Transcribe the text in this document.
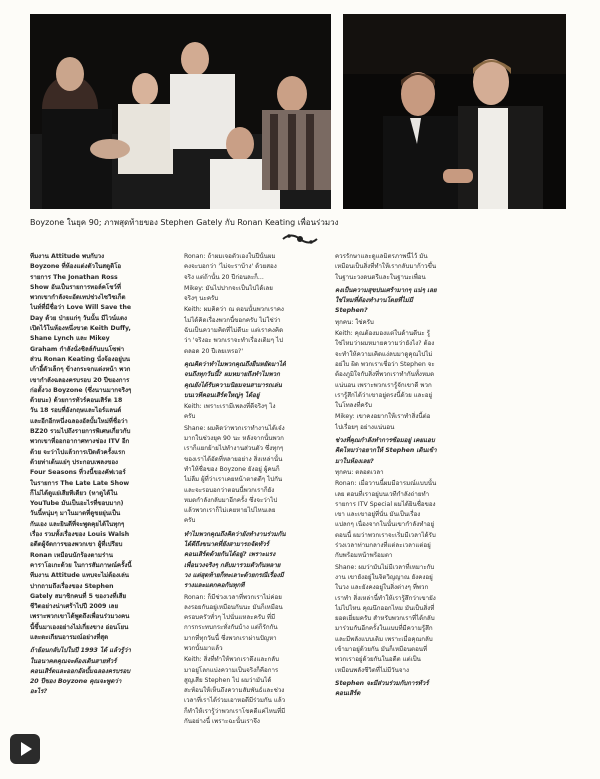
Boyzone ในยุค 90; ภาพสุดท้ายของ Stephen Gately กับ Ronan Keating เพื่อนร่วมวง

ทีมงาน Attitude พบกับวง Boyzone ที่ห้องแต่งตัวในสตูดิโอรายการ The Jonathan Ross Show อันเป็นรายการทอล์คโชว์ที่พวกเขากำลังจะอัดเทปช่วงไซวิชเก็ตไนท์ที่มีชื่อว่า Love Will Save the Day ด้วย ป่ายแก่ๆ วันนั้น มีไวน์แดงเปิดไว้ในห้องหนึ่งขวด Keith Duffy, Shane Lynch และ Mikey Graham กำลังนั่งชิลล์กันบนโซฟา ส่วน Ronan Keating นั่งจ้องอยู่บนเก้าอี้ตัวเล็กๆ ข้างกระจกแต่งหน้า พวกเขากำลังฉลองครบรอบ 20 ปีของการก่อตั้งวง Boyzone (ซึ่งนานมากจริงๆ ด้วยนะ) ด้วยการทัวร์คอนเสิร์ต 18 วัน 18 รอบที่อังกฤษและไอร์แลนด์ และอีกอีกหนึ่งฉลองอัลบั้มใหม่ที่ชื่อว่า BZ20 รวมไปถึงรายการพิเศษเกี่ยวกับพวกเขาที่ออกอากาศทางช่อง ITV อีกด้วย จะว่าไปแล้วการเปิดตัวครั้งแรกด้วยท่าเต้นแย่ๆ ประกอบเพลงของ Four Seasons ที่วงนี้ของคัฟเวอร์ในรายการ The Late Late Show ก็ไม่ได้ดูแย่เสียทีเดียว (หาดูได้ใน YouTube มันเป็นอะไรที่ขอบมาก) วันนี้หนุ่มๆ มาในมาดที่ดูขยยุ่นเป็นกันเอง และยินดีที่จะพูดคุยได้ในทุกๆ เรื่อง รวมทั้งเรื่องของ Louis Walsh อดีตผู้จัดการของพวกเขา ผู้ที่เปรียบ Ronan เหมือนนักร้องตามร่านคาราโอเกะด้วย ในการสัมภาษณ์ครั้งนี้ทีมงาน Attitude แทบจะไม่ต้องเล่นปากถามถึงเรื่องของ Stephen Gately สมาชิกคนที่ 5 ของวงที่เสียชีวิตอย่างน่าเศร้าไปปี 2009 เลย เพราะพวกเขาได้พูดถึงเพื่อนร่วมวงคนนี้ขึ้นมาเองอย่างไม่เกี่ยงขาง อ่อนโยน และตะเกียนอารมณ์อย่างที่สุด

ถ้าย้อนกลับไปในปี 1993 ได้ แล้วรู้ว่าในอนาคตคุณจะต้องเดินสายทัวร์คอนเสิร์ตและออกอัลบั้มฉลองครบรอบ 20 ปีของ Boyzone คุณจะพูดว่าอะไร?

Ronan: ถ้าผมเจอตัวเองในปีนั้นผมคงจะบอกว่า 'ไม่จะราบ้าง' ด้วยสองจริง แต่ถ้านั้น 20 ปีก่อนละก็...

Mikey: มันไปปากจะเป็นไปได้เลย จริงๆ นะครับ

Keith: ผมคิดว่า ณ ตอนนั้นพวกเราคงไม่ได้คิดเรื่องพวกนี้ขอกครับ ไม่ใช่ว่าฉันเป็นความคิดที่ไม่ดีนะ แต่เราคงคิดว่า 'จริงอะ พวกเราจะทำเรื่องเดิมๆ ไปตลอด 20 ปีเลยเหรอ?'

คุณคิดว่าทำไมพวกคุณถึงยืนหยัดมาได้จนถึงทุกวันนี้? ผมหมายถึงทำไมพวกคุณยังได้รับความนิยมจนสามารถเล่นบนเวทีคอนเสิร์ตใหญ่ๆ ได้อยู่

Keith: เพราะเรามีเพลงที่ดีจริงๆ ไงครับ

Shane: ผมคิดว่าพวกเราทำงานได้เจ๋งมากในช่วงยุค 90 นะ หลังจากนั้นพวกเราก็แยกย้ายไปทำงานส่วนตัว ซึ่งทุกๆ ของเราได้อัดที่หลายอย่าง สิ่งเหล่านั้นทำให้ชื่อของ Boyzone ยังอยู่ ผู้คนก็ไม่ลืม ผู้ที่ว่าเราเคยหน้าตาดดีๆ ไปกัน และจะรอบอกว่าตอนนี้พวกเราก็ยังหมดกำลังกลับมาอีกครั้ง ซึ่งจะว่าไปแล้วพวกเราก็ไม่เคยหายไปไหนเลยครับ

ทำไมพวกคุณถึงคิดว่ายังทำงานร่วมกันได้ดีถึงขนาดที่ยังสามารถจัดทัวร์คอนเสิร์ตด้วยกันได้อยู่? เพราะแรงเพื่อนวงจริงๆ กลับมารวมตัวกันหลายวง แต่สุดท้ายก็ทะเลาะด้วยกรณีเรื่องมีรางและแตกคอกันทุกที

Ronan: ก็มีช่วงเวลาที่พวกเราไม่ค่อยลงรอยกันอยู่เหมือนกันนะ มันก็เหมือนครอบครัวทั่วๆ ไปนั่นแหละครับ ที่มีการกระทบกระทั่งกันบ้าง แต่ก็รักกันมากที่ทุกวันนี้ ซึ่งพวกเราผ่านปัญหาพวกนั้นมาแล้ว

Keith: สิ่งที่ทำให้พวกเราดึงและกลับมาอยู่โลกแบ่งความเป็นจริงก็คือการสูญเสีย Stephen ไป ผมว่ามันได้สะท้อนให้เห็นถึงความสัมพันธ์และช่วงเวลาที่เราได้ร่วมเอาหอดีมีร่วมกัน แล้วก็ทำให้เรารู้ว่าพวกเราโชคดีแค่ไหนที่มีกันอย่างนี้ เพราะฉะนั้นเราจึง

ควรรักษาและดูแลมิตรภาพนี้ไว้ มันเหมือนเป็นสิ่งที่ทำให้เรากลับมาก้าวขึ้นในฐานะวงดนตรีและในฐานะเพื่อน

คงเป็นความสุขปนเศร้ามากๆ แน่ๆ เลยใช่ไหมที่ต้องทำงานโดยที่ไม่มี Stephen?

ทุกคน: ใช่ครับ

Keith: คุณต้องมองแต่ในด้านดีนะ รู้ใช่ไหมว่าผมหมายความว่ายังไง? ต้องจะทำให้ความเคิดแง่ลบมาดูคุณไปไม่อย่ใบ ผิด พวกเราเชื่อว่า Stephen จะต้องภูมิใจกับสิ่งที่พวกเราทำกันทั้งหมดแน่นอน เพราะพวกเรารู้จักเขาดี พวกเรารู้สึกได้ว่าเขาอยู่ตรงนี้ด้วย และอยู่ในโทลงที่ครับ

Mikey: เขาคงอยากให้เราทำสิ่งนี้ต่อไปเรื่อยๆ อย่างแน่นอน

ช่วงที่คุณกำลังทำการซ้อมอยู่ เคยแอบคิดไหมว่าอยากให้ Stephen เดินเข้ามาในห้องเลย?

ทุกคน: ตลอดเวลา

Ronan: เมื่อวานนี้ผมมีอารมณ์แบบนั้นเลย ตอนที่เราอยู่บนเวทีกำลังถ่ายทำรายการ ITV Special ผมได้ยินชื่อของเขา และเขาอยู่ที่นั่น มันเป็นเรื่องแปลกๆ เนื่องจากในนั้นเขากำลังทำอยู่ตอนนี้ ผมว่าพวกเราจะเริ่มมีเวลาได้รับร่วงเวลาท่ามกลางที่แต่ละเวลาแต่อยู่กับพร้อมหน้าพร้อมตา

Shane: ผมว่ามันไม่มีเวลาที่เหมาะกับงาน เขายังอยู่ในจิตวิญญาณ ยังคงอยู่ในวง และยังคงอยู่ในสิ่งต่างๆ ที่พวกเราทำ สิ่งเหล่านี้ทำให้เรารู้สึกว่าเขายังไม่ไปไหน คุณนึกออกไหม มันเป็นสิ่งที่ยอดเยี่ยมครับ สำหรับพวกเราที่ได้กลับมาร่วมกันอีกครั้งในแบบที่มีความรู้สึกและมีพลังแบบเดิม เพราะเมื่อคุณกลับเข้ามาอยู่ด้วยกัน มันก็เหมือนตอนที่พวกเราอยู่ด้วยกันในอดีต แต่เป็นเหมือนพลังชีวิตที่ไม่มีวันจาง

Stephen จะมีส่วนร่วมกับการทัวร์คอนเสิร์ต
